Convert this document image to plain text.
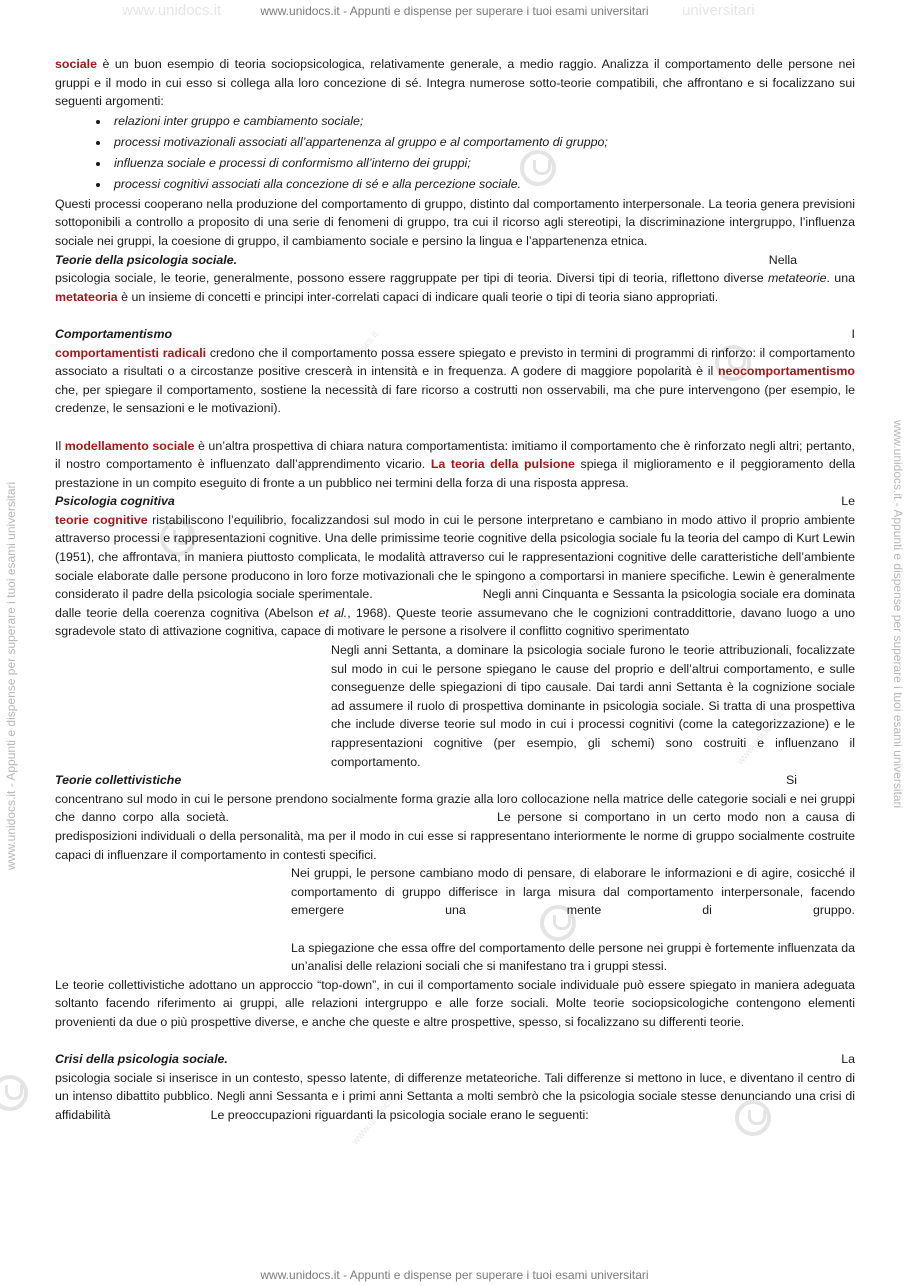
www.unidocs.it - Appunti e dispense per superare i tuoi esami universitari
www.unidocs.it	universitari
www.unidocs.it - Appunti e dispense per superare i tuoi esami universitari
www.unidocs.it - Appunti e dispense per superare i tuoi esami universitari	www.unidocs.it - Appunti e dispense per superare i tuoi esami universitari
www.unidocs.it
www.unidocs.it
www.unidocs.it
www.unidocs.it

sociale è un buon esempio di teoria sociopsicologica, relativamente generale, a medio raggio. Analizza il comportamento delle persone nei gruppi e il modo in cui esso si collega alla loro concezione di sé. Integra numerose sotto-teorie compatibili, che affrontano e si focalizzano sui seguenti argomenti:

• relazioni inter gruppo e cambiamento sociale;
• processi motivazionali associati all’appartenenza al gruppo e al comportamento di gruppo;
• influenza sociale e processi di conformismo all’interno dei gruppi;
• processi cognitivi associati alla concezione di sé e alla percezione sociale.

Questi processi cooperano nella produzione del comportamento di gruppo, distinto dal comportamento interpersonale. La teoria genera previsioni sottoponibili a controllo a proposito di una serie di fenomeni di gruppo, tra cui il ricorso agli stereotipi, la discriminazione intergruppo, l’influenza sociale nei gruppi, la coesione di gruppo, il cambiamento sociale e persino la lingua e l’appartenenza etnica.

Teorie della psicologia sociale.	Nella

psicologia sociale, le teorie, generalmente, possono essere raggruppate per tipi di teoria. Diversi tipi di teoria, riflettono diverse metateorie. una metateoria è un insieme di concetti e principi inter-correlati capaci di indicare quali teorie o tipi di teoria siano appropriati.

Comportamentismo	I

comportamentisti radicali credono che il comportamento possa essere spiegato e previsto in termini di programmi di rinforzo: il comportamento associato a risultati o a circostanze positive crescerà in intensità e in frequenza. A godere di maggiore popolarità è il neocomportamentismo che, per spiegare il comportamento, sostiene la necessità di fare ricorso a costrutti non osservabili, ma che pure intervengono (per esempio, le credenze, le sensazioni e le motivazioni).

Il modellamento sociale è un’altra prospettiva di chiara natura comportamentista: imitiamo il comportamento che è rinforzato negli altri; pertanto, il nostro comportamento è influenzato dall’apprendimento vicario. La teoria della pulsione spiega il miglioramento e il peggioramento della prestazione in un compito eseguito di fronte a un pubblico nei termini della forza di una risposta appresa.

Psicologia cognitiva	Le

teorie cognitive ristabiliscono l’equilibrio, focalizzandosi sul modo in cui le persone interpretano e cambiano in modo attivo il proprio ambiente attraverso processi e rappresentazioni cognitive. Una delle primissime teorie cognitive della psicologia sociale fu la teoria del campo di Kurt Lewin (1951), che affrontava, in maniera piuttosto complicata, le modalità attraverso cui le rappresentazioni cognitive delle caratteristiche dell’ambiente sociale elaborate dalle persone producono in loro forze motivazionali che le spingono a comportarsi in maniere specifiche. Lewin è generalmente considerato il padre della psicologia sociale sperimentale.	Negli anni Cinquanta e Sessanta la psicologia sociale era dominata dalle teorie della coerenza cognitiva (Abelson et al., 1968). Queste teorie assumevano che le cognizioni contraddittorie, davano luogo a uno sgradevole stato di attivazione cognitiva, capace di motivare le persone a risolvere il conflitto cognitivo sperimentato

Negli anni Settanta, a dominare la psicologia sociale furono le teorie attribuzionali, focalizzate sul modo in cui le persone spiegano le cause del proprio e dell’altrui comportamento, e sulle conseguenze delle spiegazioni di tipo causale. Dai tardi anni Settanta è la cognizione sociale ad assumere il ruolo di prospettiva dominante in psicologia sociale. Si tratta di una prospettiva che include diverse teorie sul modo in cui i processi cognitivi (come la categorizzazione) e le rappresentazioni cognitive (per esempio, gli schemi) sono costruiti e influenzano il comportamento.

Teorie collettivistiche	Si

concentrano sul modo in cui le persone prendono socialmente forma grazie alla loro collocazione nella matrice delle categorie sociali e nei gruppi che danno corpo alla società.	Le persone si comportano in un certo modo non a causa di predisposizioni individuali o della personalità, ma per il modo in cui esse si rappresentano interiormente le norme di gruppo socialmente costruite capaci di influenzare il comportamento in contesti specifici.

Nei gruppi, le persone cambiano modo di pensare, di elaborare le informazioni e di agire, cosicché il comportamento di gruppo differisce in larga misura dal comportamento interpersonale, facendo emergere una mente di gruppo.La spiegazione che essa offre del comportamento delle persone nei gruppi è fortemente influenzata da un’analisi delle relazioni sociali che si manifestano tra i gruppi stessi.

Le teorie collettivistiche adottano un approccio “top-down”, in cui il comportamento sociale individuale può essere spiegato in maniera adeguata soltanto facendo riferimento ai gruppi, alle relazioni intergruppo e alle forze sociali. Molte teorie sociopsicologiche contengono elementi provenienti da due o più prospettive diverse, e anche che queste e altre prospettive, spesso, si focalizzano su differenti teorie.

Crisi della psicologia sociale.	La

psicologia sociale si inserisce in un contesto, spesso latente, di differenze metateoriche. Tali differenze si mettono in luce, e diventano il centro di un intenso dibattito pubblico. Negli anni Sessanta e i primi anni Settanta a molti sembrò che la psicologia sociale stesse denunciando una crisi di affidabilità	Le preoccupazioni riguardanti la psicologia sociale erano le seguenti:
